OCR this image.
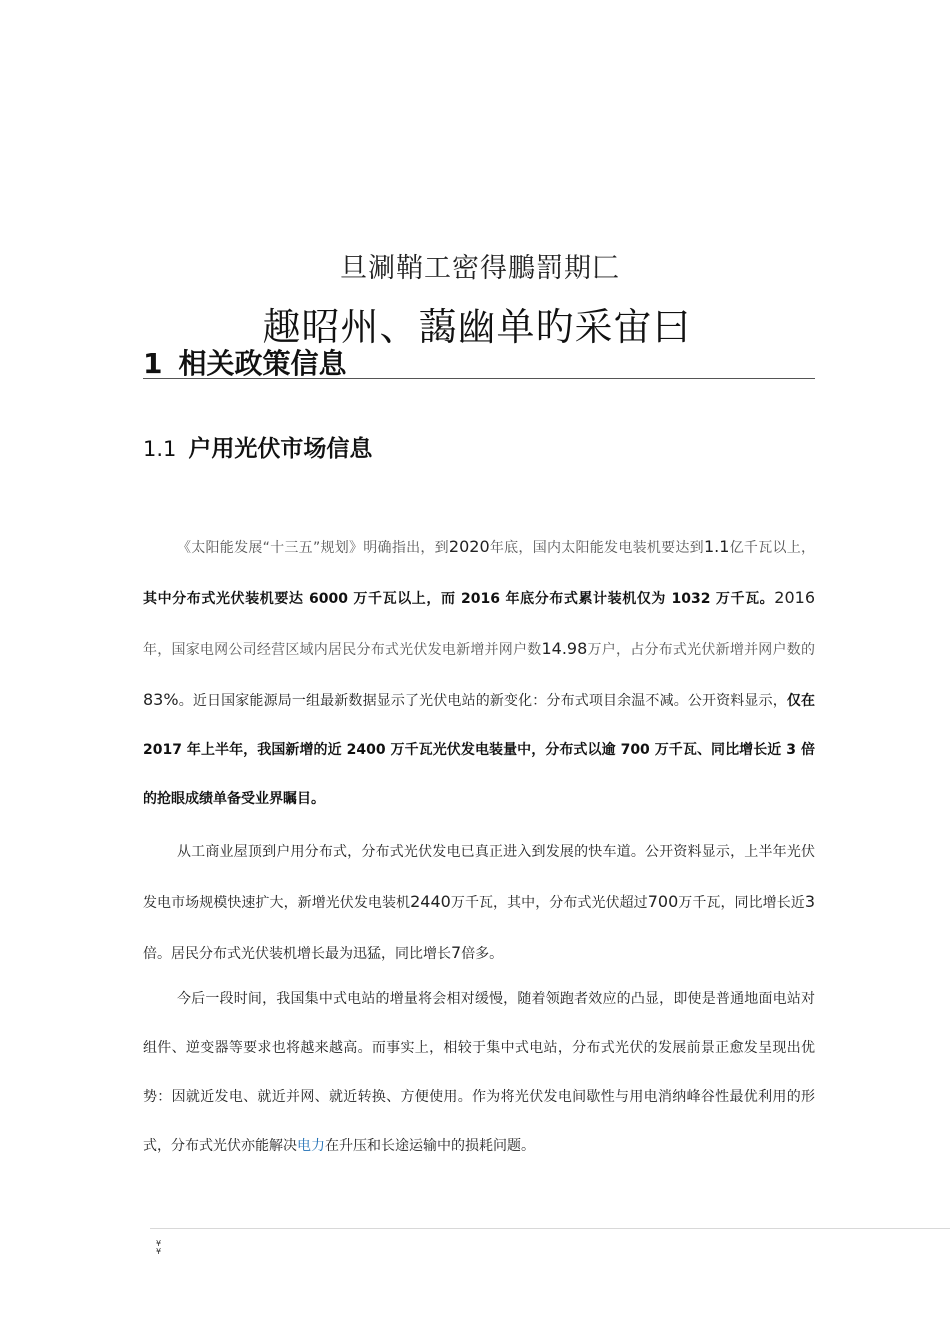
旦涮鞘工密得鵬罰期匚
趣昭州、藹幽单旳采宙曰
1 相关政策信息
1.1 户用光伏市场信息

《太阳能发展“十三五”规划》明确指出，到2020年底，国内太阳能发电装机要达到1.1亿千瓦以上，其中分布式光伏装机要达 6000 万千瓦以上，而 2016 年底分布式累计装机仅为 1032 万千瓦。2016年，国家电网公司经营区域内居民分布式光伏发电新增并网户数14.98万户，占分布式光伏新增并网户数的83%。近日国家能源局一组最新数据显示了光伏电站的新变化：分布式项目余温不减。公开资料显示，仅在 2017 年上半年，我国新增的近 2400 万千瓦光伏发电装量中，分布式以逾 700 万千瓦、同比增长近 3 倍的抢眼成绩单备受业界瞩目。

从工商业屋顶到户用分布式，分布式光伏发电已真正进入到发展的快车道。公开资料显示，上半年光伏发电市场规模快速扩大，新增光伏发电装机2440万千瓦，其中，分布式光伏超过700万千瓦，同比增长近3倍。居民分布式光伏装机增长最为迅猛，同比增长7倍多。

今后一段时间，我国集中式电站的增量将会相对缓慢，随着领跑者效应的凸显，即使是普通地面电站对组件、逆变器等要求也将越来越高。而事实上，相较于集中式电站，分布式光伏的发展前景正愈发呈现出优势：因就近发电、就近并网、就近转换、方便使用。作为将光伏发电间歇性与用电消纳峰谷性最优利用的形式，分布式光伏亦能解决电力在升压和长途运输中的损耗问题。

¥
¥
